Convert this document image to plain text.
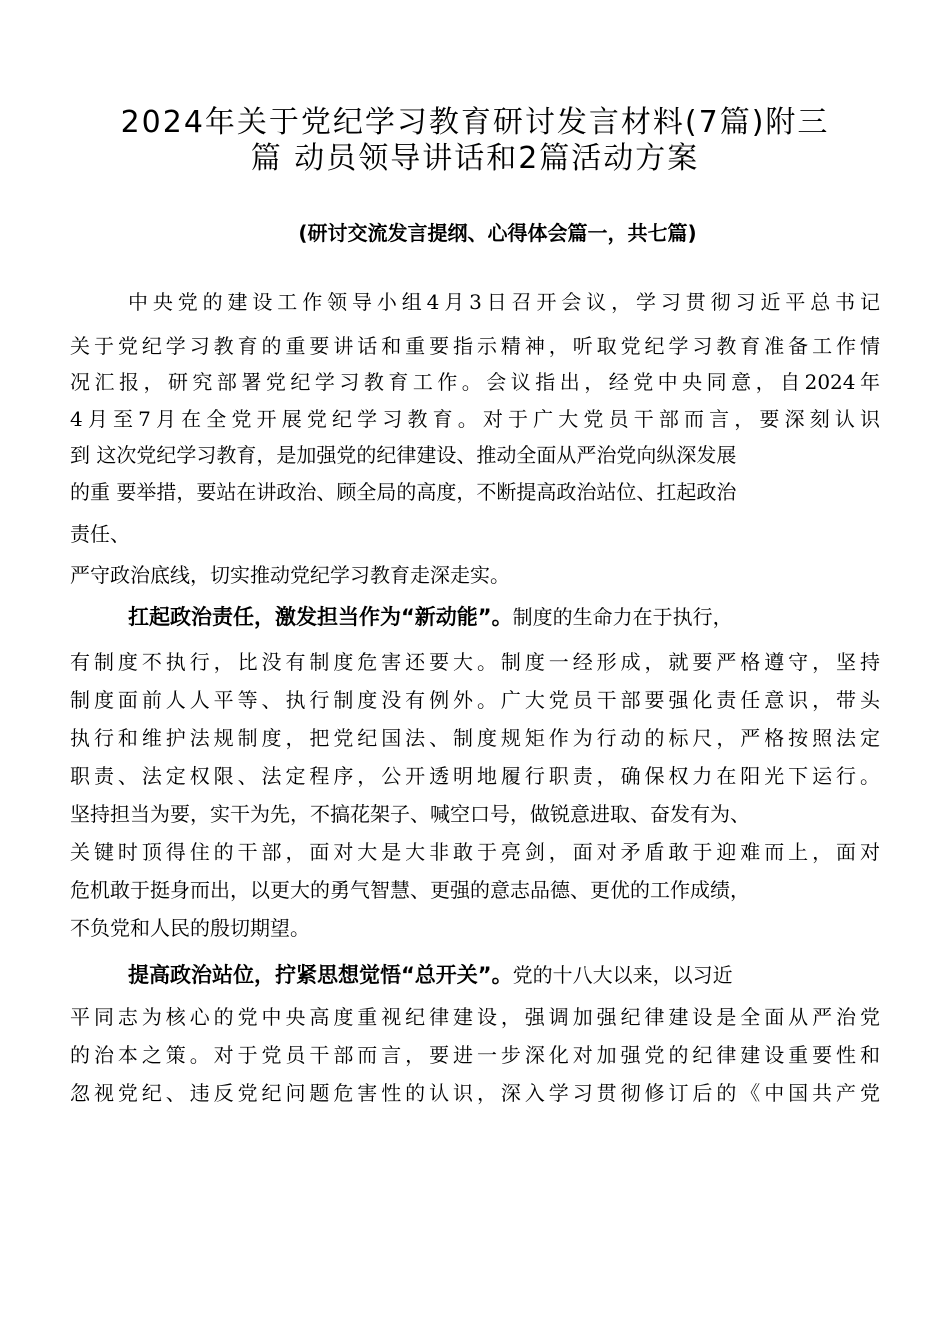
2024年关于党纪学习教育研讨发言材料(7篇)附三
篇 动员领导讲话和2篇活动方案

(研讨交流发言提纲、心得体会篇一，共七篇)

中央党的建设工作领导小组4月3日召开会议，学习贯彻习近平总书记

关于党纪学习教育的重要讲话和重要指示精神，听取党纪学习教育准备工作情

况汇报，研究部署党纪学习教育工作。会议指出，经党中央同意，自2024年

4月至7月在全党开展党纪学习教育。对于广大党员干部而言，要深刻认识

到 这次党纪学习教育，是加强党的纪律建设、推动全面从严治党向纵深发展

的重 要举措，要站在讲政治、顾全局的高度，不断提高政治站位、扛起政治

责任、

严守政治底线，切实推动党纪学习教育走深走实。

扛起政治责任，激发担当作为“新动能”。制度的生命力在于执行，

有制度不执行，比没有制度危害还要大。制度一经形成，就要严格遵守，坚持

制度面前人人平等、执行制度没有例外。广大党员干部要强化责任意识，带头

执行和维护法规制度，把党纪国法、制度规矩作为行动的标尺，严格按照法定

职责、法定权限、法定程序，公开透明地履行职责，确保权力在阳光下运行。

坚持担当为要，实干为先，不搞花架子、喊空口号，做锐意进取、奋发有为、

关键时顶得住的干部，面对大是大非敢于亮剑，面对矛盾敢于迎难而上，面对

危机敢于挺身而出，以更大的勇气智慧、更强的意志品德、更优的工作成绩，

不负党和人民的殷切期望。

提高政治站位，拧紧思想觉悟“总开关”。党的十八大以来，以习近

平同志为核心的党中央高度重视纪律建设，强调加强纪律建设是全面从严治党

的治本之策。对于党员干部而言，要进一步深化对加强党的纪律建设重要性和

忽视党纪、违反党纪问题危害性的认识，深入学习贯彻修订后的《中国共产党
